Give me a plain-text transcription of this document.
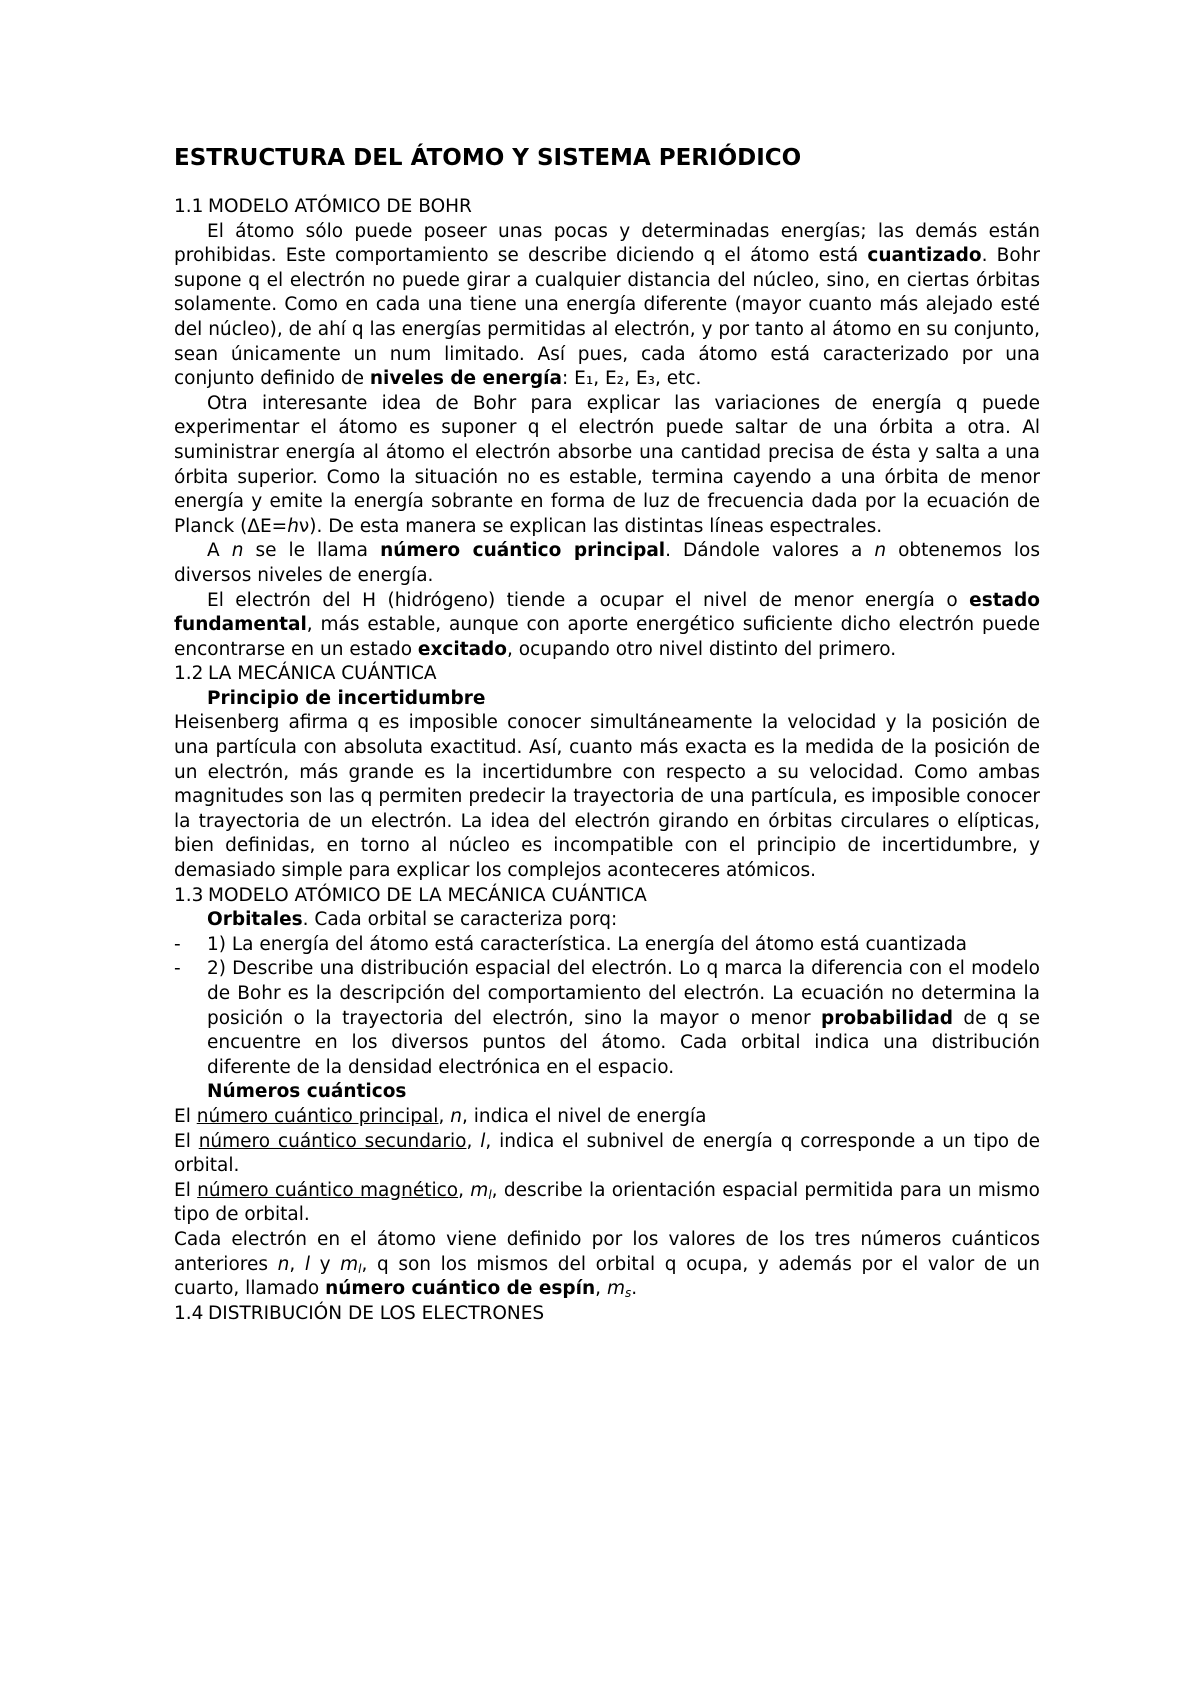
ESTRUCTURA DEL ÁTOMO Y SISTEMA PERIÓDICO
1.1 MODELO ATÓMICO DE BOHR

El átomo sólo puede poseer unas pocas y determinadas energías; las demás están prohibidas. Este comportamiento se describe diciendo q el átomo está cuantizado. Bohr supone q el electrón no puede girar a cualquier distancia del núcleo, sino, en ciertas órbitas solamente. Como en cada una tiene una energía diferente (mayor cuanto más alejado esté del núcleo), de ahí q las energías permitidas al electrón, y por tanto al átomo en su conjunto, sean únicamente un num limitado. Así pues, cada átomo está caracterizado por una conjunto definido de niveles de energía: E₁, E₂, E₃, etc.

Otra interesante idea de Bohr para explicar las variaciones de energía q puede experimentar el átomo es suponer q el electrón puede saltar de una órbita a otra. Al suministrar energía al átomo el electrón absorbe una cantidad precisa de ésta y salta a una órbita superior. Como la situación no es estable, termina cayendo a una órbita de menor energía y emite la energía sobrante en forma de luz de frecuencia dada por la ecuación de Planck (ΔE=hν). De esta manera se explican las distintas líneas espectrales.

A n se le llama número cuántico principal. Dándole valores a n obtenemos los diversos niveles de energía.

El electrón del H (hidrógeno) tiende a ocupar el nivel de menor energía o estado fundamental, más estable, aunque con aporte energético suficiente dicho electrón puede encontrarse en un estado excitado, ocupando otro nivel distinto del primero.

1.2 LA MECÁNICA CUÁNTICA
Principio de incertidumbre

Heisenberg afirma q es imposible conocer simultáneamente la velocidad y la posición de una partícula con absoluta exactitud. Así, cuanto más exacta es la medida de la posición de un electrón, más grande es la incertidumbre con respecto a su velocidad. Como ambas magnitudes son las q permiten predecir la trayectoria de una partícula, es imposible conocer la trayectoria de un electrón. La idea del electrón girando en órbitas circulares o elípticas, bien definidas, en torno al núcleo es incompatible con el principio de incertidumbre, y demasiado simple para explicar los complejos aconteceres atómicos.

1.3 MODELO ATÓMICO DE LA MECÁNICA CUÁNTICA

Orbitales. Cada orbital se caracteriza porq:

-	1) La energía del átomo está característica. La energía del átomo está cuantizada
-	2) Describe una distribución espacial del electrón. Lo q marca la diferencia con el modelo de Bohr es la descripción del comportamiento del electrón. La ecuación no determina la posición o la trayectoria del electrón, sino la mayor o menor probabilidad de q se encuentre en los diversos puntos del átomo. Cada orbital indica una distribución diferente de la densidad electrónica en el espacio.
Números cuánticos

El número cuántico principal, n, indica el nivel de energía

El número cuántico secundario, l, indica el subnivel de energía q corresponde a un tipo de orbital.

El número cuántico magnético, $m_l$, describe la orientación espacial permitida para un mismo tipo de orbital.

Cada electrón en el átomo viene definido por los valores de los tres números cuánticos anteriores n, l y $m_l$, q son los mismos del orbital q ocupa, y además por el valor de un cuarto, llamado número cuántico de espín, $m_s$.

1.4 DISTRIBUCIÓN DE LOS ELECTRONES
